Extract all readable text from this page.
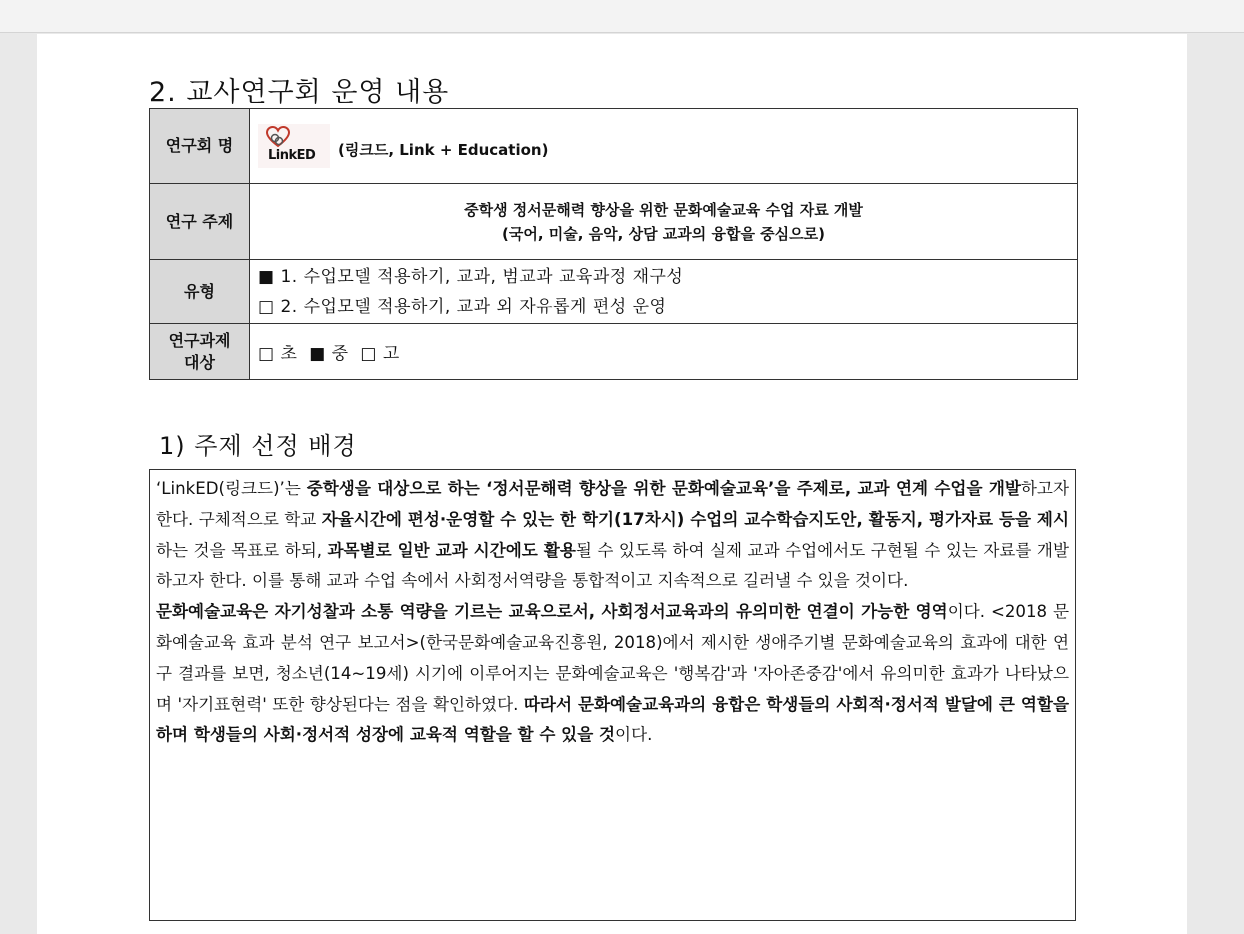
2. 교사연구회 운영 내용
연구회 명	LinkED (링크드, Link + Education)

연구 주제	중학생 정서문해력 향상을 위한 문화예술교육 수업 자료 개발
(국어, 미술, 음악, 상담 교과의 융합을 중심으로)

유형	■ 1. 수업모델 적용하기, 교과, 범교과 교육과정 재구성
□ 2. 수업모델 적용하기, 교과 외 자유롭게 편성 운영

연구과제
대상	□ 초  ■ 중  □ 고
1) 주제 선정 배경

‘LinkED(링크드)’는 중학생을 대상으로 하는 ‘정서문해력 향상을 위한 문화예술교육’을 주제로, 교과 연계 수업을 개발하고자 한다. 구체적으로 학교 자율시간에 편성·운영할 수 있는 한 학기(17차시) 수업의 교수학습지도안, 활동지, 평가자료 등을 제시하는 것을 목표로 하되, 과목별로 일반 교과 시간에도 활용될 수 있도록 하여 실제 교과 수업에서도 구현될 수 있는 자료를 개발하고자 한다. 이를 통해 교과 수업 속에서 사회정서역량을 통합적이고 지속적으로 길러낼 수 있을 것이다.

문화예술교육은 자기성찰과 소통 역량을 기르는 교육으로서, 사회정서교육과의 유의미한 연결이 가능한 영역이다. <2018 문화예술교육 효과 분석 연구 보고서>(한국문화예술교육진흥원, 2018)에서 제시한 생애주기별 문화예술교육의 효과에 대한 연구 결과를 보면, 청소년(14~19세) 시기에 이루어지는 문화예술교육은 '행복감'과 '자아존중감'에서 유의미한 효과가 나타났으며 '자기표현력' 또한 향상된다는 점을 확인하였다. 따라서 문화예술교육과의 융합은 학생들의 사회적·정서적 발달에 큰 역할을 하며 학생들의 사회·정서적 성장에 교육적 역할을 할 수 있을 것이다.
